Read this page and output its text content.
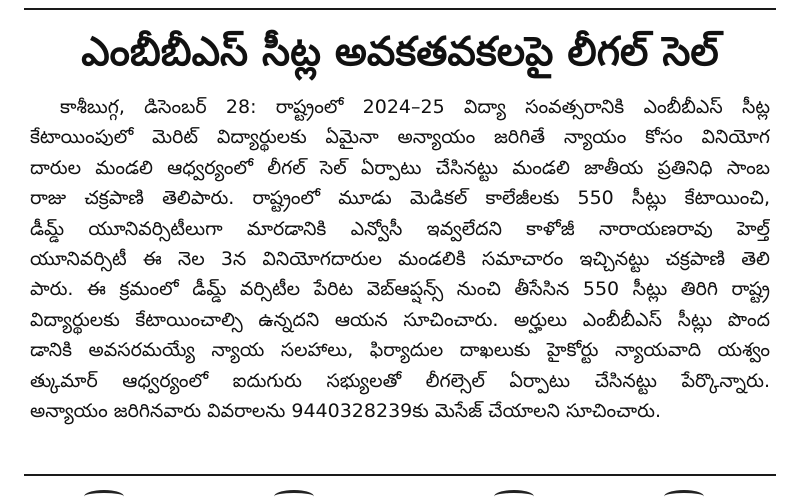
ఎంబీబీఎస్ సీట్ల అవకతవకలపై లీగల్ సెల్
కాశీబుగ్గ, డిసెంబర్ 28: రాష్ట్రంలో 2024–25 విద్యా సంవత్సరానికి ఎంబీబీఎస్ సీట్ల
కేటాయింపులో మెరిట్ విద్యార్థులకు ఏమైనా అన్యాయం జరిగితే న్యాయం కోసం వినియోగ
దారుల మండలి ఆధ్వర్యంలో లీగల్ సెల్ ఏర్పాటు చేసినట్టు మండలి జాతీయ ప్రతినిధి సాంబ
రాజు చక్రపాణి తెలిపారు. రాష్ట్రంలో మూడు మెడికల్ కాలేజీలకు 550 సీట్లు కేటాయించి,
డీమ్డ్ యూనివర్సిటీలుగా మారడానికి ఎన్వోసీ ఇవ్వలేదని కాళోజీ నారాయణరావు హెల్త్
యూనివర్సిటీ ఈ నెల 3న వినియోగదారుల మండలికి సమాచారం ఇచ్చినట్టు చక్రపాణి తెలి
పారు. ఈ క్రమంలో డీమ్డ్ వర్సిటీల పేరిట వెబ్ఆప్షన్స్ నుంచి తీసేసిన 550 సీట్లు తిరిగి రాష్ట్ర
విద్యార్థులకు కేటాయించాల్సి ఉన్నదని ఆయన సూచించారు. అర్హులు ఎంబీబీఎస్ సీట్లు పొంద
డానికి అవసరమయ్యే న్యాయ సలహాలు, ఫిర్యాదుల దాఖలుకు హైకోర్టు న్యాయవాది యశ్వం
త్కుమార్ ఆధ్వర్యంలో ఐదుగురు సభ్యులతో లీగల్సెల్ ఏర్పాటు చేసినట్టు పేర్కొన్నారు.
అన్యాయం జరిగినవారు వివరాలను 9440328239కు మెసేజ్ చేయాలని సూచించారు.
